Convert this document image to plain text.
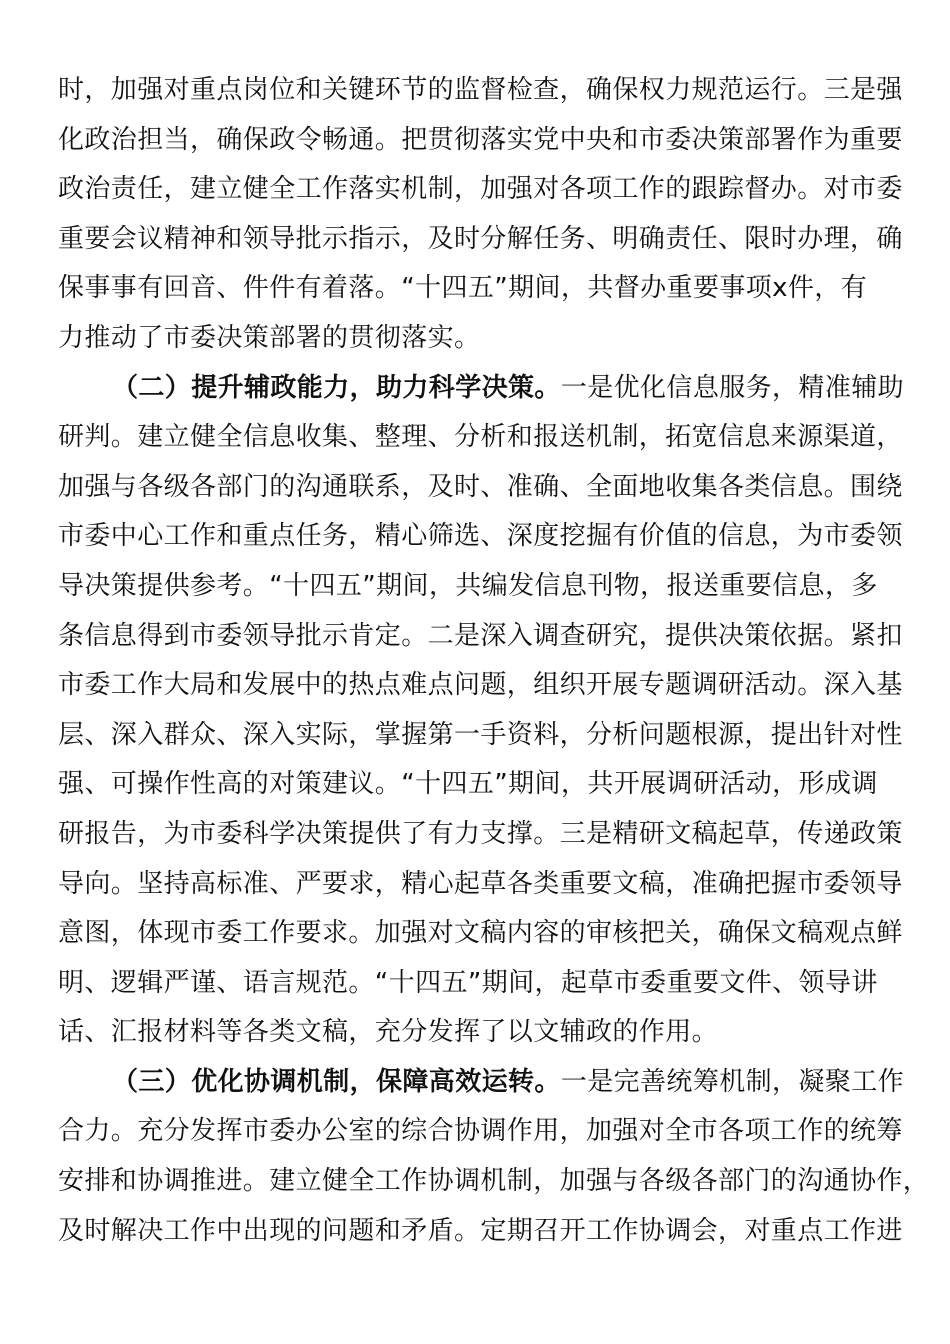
时，加强对重点岗位和关键环节的监督检查，确保权力规范运行。三是强
化政治担当，确保政令畅通。把贯彻落实党中央和市委决策部署作为重要
政治责任，建立健全工作落实机制，加强对各项工作的跟踪督办。对市委
重要会议精神和领导批示指示，及时分解任务、明确责任、限时办理，确
保事事有回音、件件有着落。“十四五”期间，共督办重要事项x件，有
力推动了市委决策部署的贯彻落实。
（二）提升辅政能力，助力科学决策。一是优化信息服务，精准辅助
研判。建立健全信息收集、整理、分析和报送机制，拓宽信息来源渠道，
加强与各级各部门的沟通联系，及时、准确、全面地收集各类信息。围绕
市委中心工作和重点任务，精心筛选、深度挖掘有价值的信息，为市委领
导决策提供参考。“十四五”期间，共编发信息刊物，报送重要信息，多
条信息得到市委领导批示肯定。二是深入调查研究，提供决策依据。紧扣
市委工作大局和发展中的热点难点问题，组织开展专题调研活动。深入基
层、深入群众、深入实际，掌握第一手资料，分析问题根源，提出针对性
强、可操作性高的对策建议。“十四五”期间，共开展调研活动，形成调
研报告，为市委科学决策提供了有力支撑。三是精研文稿起草，传递政策
导向。坚持高标准、严要求，精心起草各类重要文稿，准确把握市委领导
意图，体现市委工作要求。加强对文稿内容的审核把关，确保文稿观点鲜
明、逻辑严谨、语言规范。“十四五”期间，起草市委重要文件、领导讲
话、汇报材料等各类文稿，充分发挥了以文辅政的作用。
（三）优化协调机制，保障高效运转。一是完善统筹机制，凝聚工作
合力。充分发挥市委办公室的综合协调作用，加强对全市各项工作的统筹
安排和协调推进。建立健全工作协调机制，加强与各级各部门的沟通协作，
及时解决工作中出现的问题和矛盾。定期召开工作协调会，对重点工作进
